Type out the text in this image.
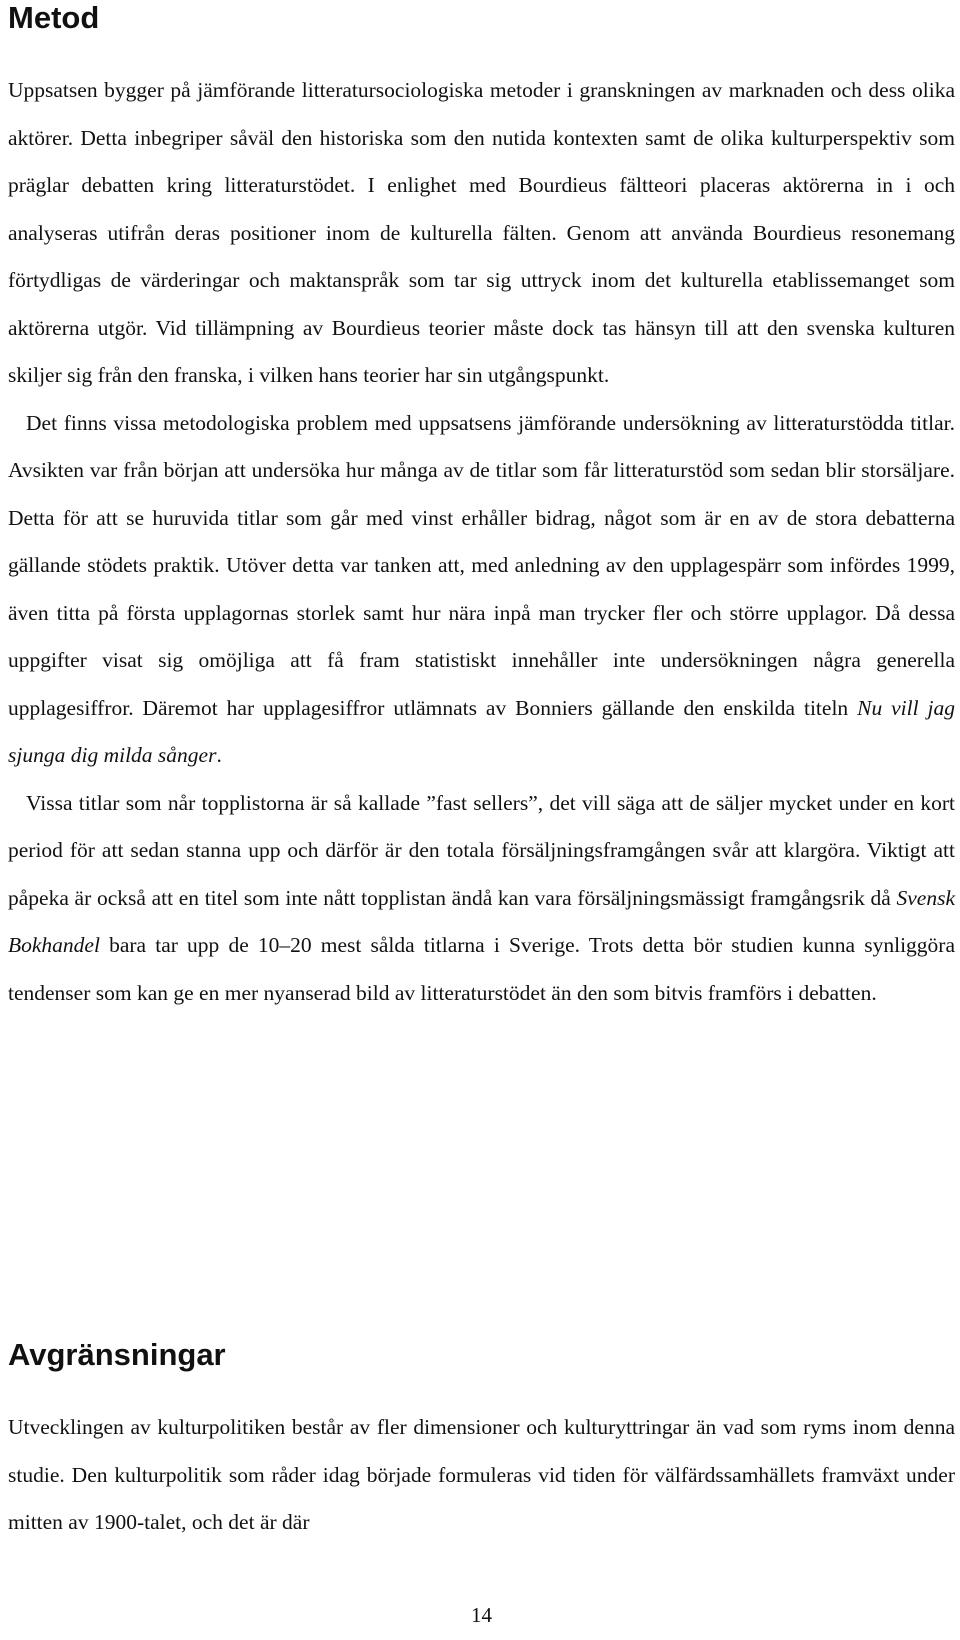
Metod

Uppsatsen bygger på jämförande litteratursociologiska metoder i granskningen av marknaden och dess olika aktörer. Detta inbegriper såväl den historiska som den nutida kontexten samt de olika kulturperspektiv som präglar debatten kring litteraturstödet. I enlighet med Bourdieus fältteori placeras aktörerna in i och analyseras utifrån deras positioner inom de kulturella fälten. Genom att använda Bourdieus resonemang förtydligas de värderingar och maktanspråk som tar sig uttryck inom det kulturella etablissemanget som aktörerna utgör. Vid tillämpning av Bourdieus teorier måste dock tas hänsyn till att den svenska kulturen skiljer sig från den franska, i vilken hans teorier har sin utgångspunkt.

Det finns vissa metodologiska problem med uppsatsens jämförande undersökning av litteraturstödda titlar. Avsikten var från början att undersöka hur många av de titlar som får litteraturstöd som sedan blir storsäljare. Detta för att se huruvida titlar som går med vinst erhåller bidrag, något som är en av de stora debatterna gällande stödets praktik. Utöver detta var tanken att, med anledning av den upplagespärr som infördes 1999, även titta på första upplagornas storlek samt hur nära inpå man trycker fler och större upplagor. Då dessa uppgifter visat sig omöjliga att få fram statistiskt innehåller inte undersökningen några generella upplagesiffror. Däremot har upplagesiffror utlämnats av Bonniers gällande den enskilda titeln Nu vill jag sjunga dig milda sånger.

Vissa titlar som når topplistorna är så kallade ”fast sellers”, det vill säga att de säljer mycket under en kort period för att sedan stanna upp och därför är den totala försäljningsframgången svår att klargöra. Viktigt att påpeka är också att en titel som inte nått topplistan ändå kan vara försäljningsmässigt framgångsrik då Svensk Bokhandel bara tar upp de 10–20 mest sålda titlarna i Sverige. Trots detta bör studien kunna synliggöra tendenser som kan ge en mer nyanserad bild av litteraturstödet än den som bitvis framförs i debatten.

Avgränsningar

Utvecklingen av kulturpolitiken består av fler dimensioner och kulturyttringar än vad som ryms inom denna studie. Den kulturpolitik som råder idag började formuleras vid tiden för välfärdssamhällets framväxt under mitten av 1900-talet, och det är där

14
